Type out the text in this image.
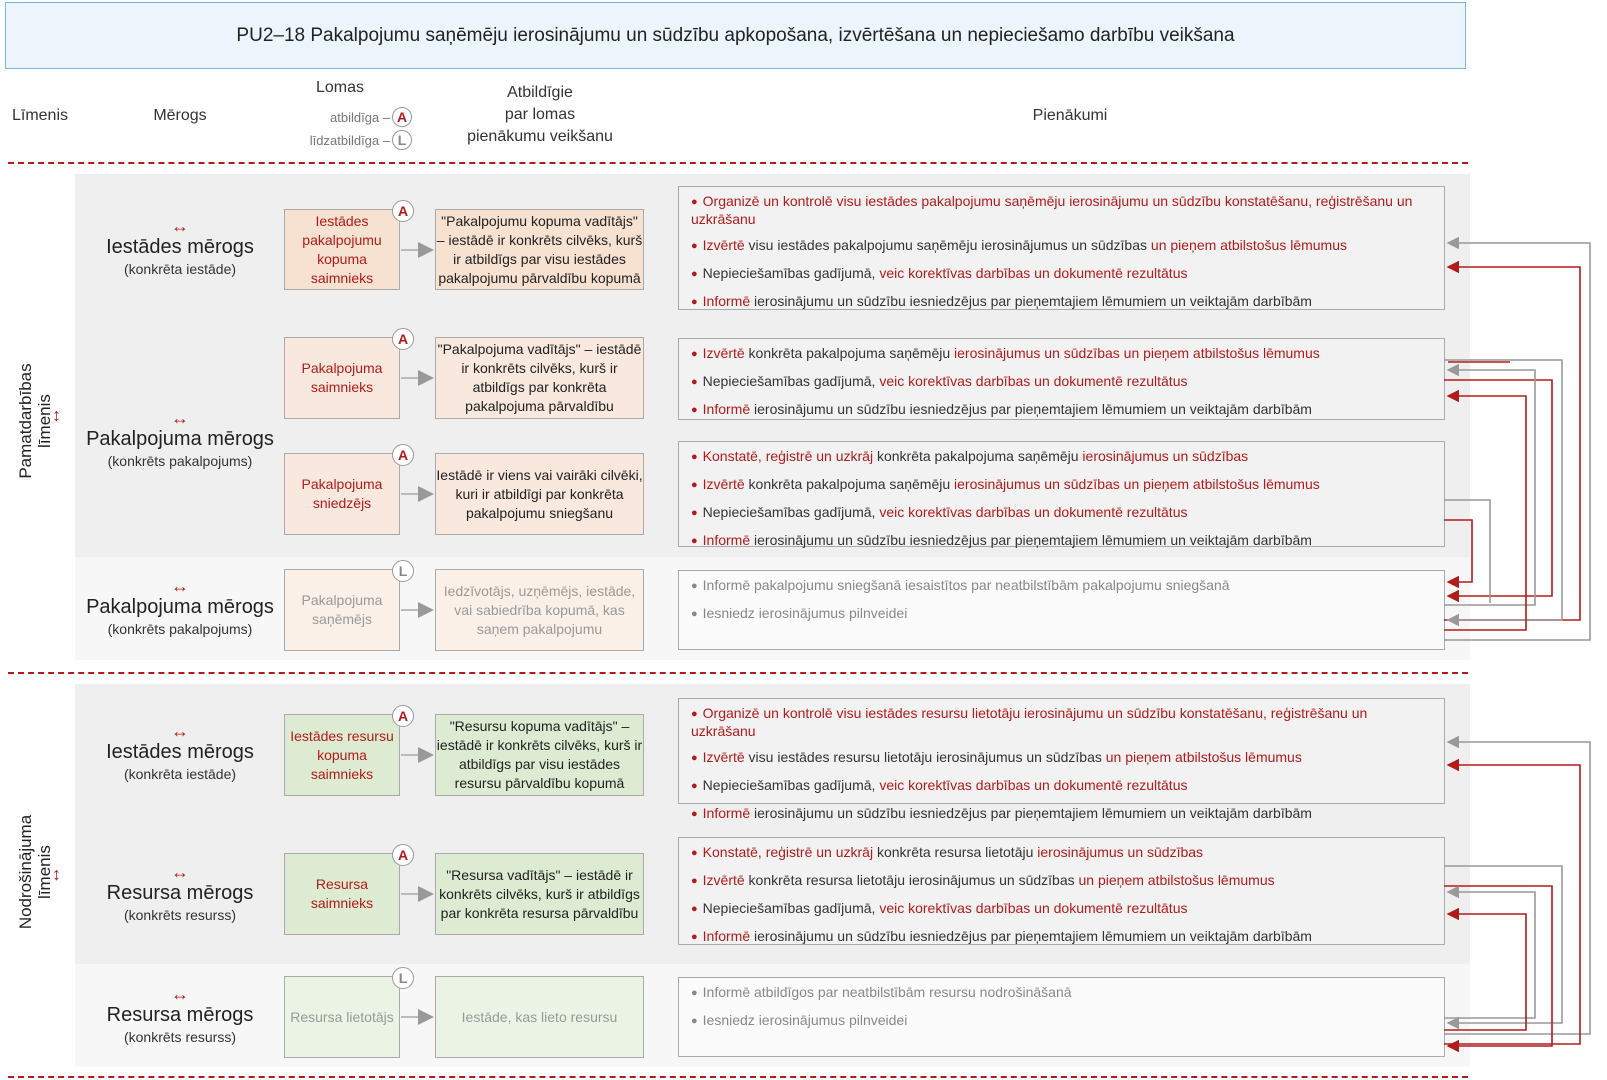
PU2–18 Pakalpojumu saņēmēju ierosinājumu un sūdzību apkopošana, izvērtēšana un nepieciešamo darbību veikšana
Līmenis	Mērogs
Lomas
atbildīga – A
līdzatbildīga – L
Atbildīgie
par lomas
pienākumu veikšanu
Pienākumi
Pamatdarbības līmenis
↕
Nodrošinājuma līmenis
↕
↔
Iestādes mērogs
(konkrēta iestāde)
↔
Pakalpojuma mērogs
(konkrēts pakalpojums)
↔
Pakalpojuma mērogs
(konkrēts pakalpojums)
↔
Iestādes mērogs
(konkrēta iestāde)
↔
Resursa mērogs
(konkrēts resurss)
↔
Resursa mērogs
(konkrēts resurss)
Iestādes pakalpojumu kopuma saimnieks
A
"Pakalpojumu kopuma vadītājs" – iestādē ir konkrēts cilvēks, kurš ir atbildīgs par visu iestādes pakalpojumu pārvaldību kopumā
● Organizē un kontrolē visu iestādes pakalpojumu saņēmēju ierosinājumu un sūdzību konstatēšanu, reģistrēšanu un uzkrāšanu
● Izvērtē visu iestādes pakalpojumu saņēmēju ierosinājumus un sūdzības un pieņem atbilstošus lēmumus
● Nepieciešamības gadījumā, veic korektīvas darbības un dokumentē rezultātus
● Informē ierosinājumu un sūdzību iesniedzējus par pieņemtajiem lēmumiem un veiktajām darbībām
Pakalpojuma saimnieks
A
"Pakalpojuma vadītājs" – iestādē ir konkrēts cilvēks, kurš ir atbildīgs par konkrēta pakalpojuma pārvaldību
● Izvērtē konkrēta pakalpojuma saņēmēju ierosinājumus un sūdzības un pieņem atbilstošus lēmumus
● Nepieciešamības gadījumā, veic korektīvas darbības un dokumentē rezultātus
● Informē ierosinājumu un sūdzību iesniedzējus par pieņemtajiem lēmumiem un veiktajām darbībām
Pakalpojuma sniedzējs
A
Iestādē ir viens vai vairāki cilvēki, kuri ir atbildīgi par konkrēta pakalpojumu sniegšanu
● Konstatē, reģistrē un uzkrāj konkrēta pakalpojuma saņēmēju ierosinājumus un sūdzības
● Izvērtē konkrēta pakalpojuma saņēmēju ierosinājumus un sūdzības un pieņem atbilstošus lēmumus
● Nepieciešamības gadījumā, veic korektīvas darbības un dokumentē rezultātus
● Informē ierosinājumu un sūdzību iesniedzējus par pieņemtajiem lēmumiem un veiktajām darbībām
Pakalpojuma saņēmējs
L
Iedzīvotājs, uzņēmējs, iestāde, vai sabiedrība kopumā, kas saņem pakalpojumu
● Informē pakalpojumu sniegšanā iesaistītos par neatbilstībām pakalpojumu sniegšanā
● Iesniedz ierosinājumus pilnveidei
Iestādes resursu kopuma saimnieks
A
"Resursu kopuma vadītājs" – iestādē ir konkrēts cilvēks, kurš ir atbildīgs par visu iestādes resursu pārvaldību kopumā
● Organizē un kontrolē visu iestādes resursu lietotāju ierosinājumu un sūdzību konstatēšanu, reģistrēšanu un uzkrāšanu
● Izvērtē visu iestādes resursu lietotāju ierosinājumus un sūdzības un pieņem atbilstošus lēmumus
● Nepieciešamības gadījumā, veic korektīvas darbības un dokumentē rezultātus
● Informē ierosinājumu un sūdzību iesniedzējus par pieņemtajiem lēmumiem un veiktajām darbībām
Resursa saimnieks
A
"Resursa vadītājs" – iestādē ir konkrēts cilvēks, kurš ir atbildīgs par konkrēta resursa pārvaldību
● Konstatē, reģistrē un uzkrāj konkrēta resursa lietotāju ierosinājumus un sūdzības
● Izvērtē konkrēta resursa lietotāju ierosinājumus un sūdzības un pieņem atbilstošus lēmumus
● Nepieciešamības gadījumā, veic korektīvas darbības un dokumentē rezultātus
● Informē ierosinājumu un sūdzību iesniedzējus par pieņemtajiem lēmumiem un veiktajām darbībām
Resursa lietotājs
L
Iestāde, kas lieto resursu
● Informē atbildīgos par neatbilstībām resursu nodrošināšanā
● Iesniedz ierosinājumus pilnveidei
